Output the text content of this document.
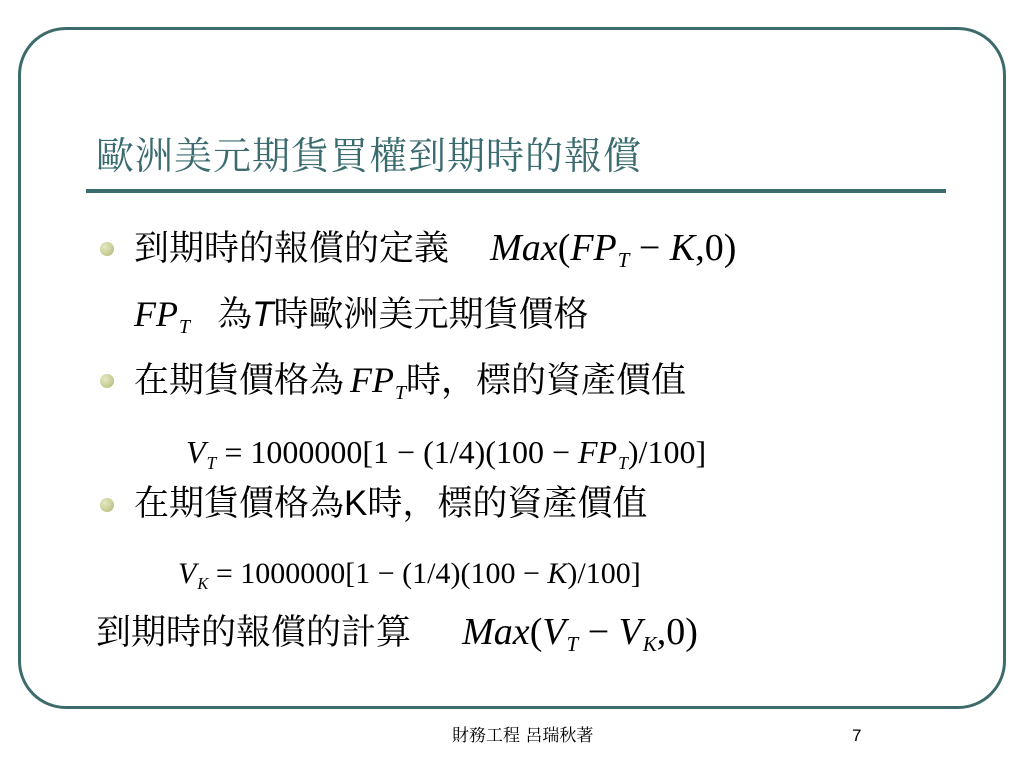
歐洲美元期貨買權到期時的報償
到期時的報償的定義 Max(FPT − K,0)
FPT 為T時歐洲美元期貨價格
在期貨價格為 FPT時，標的資產價值
VT = 1000000[1 − (1/4)(100 − FPT)/100]
在期貨價格為K時，標的資產價值
VK = 1000000[1 − (1/4)(100 − K)/100]
到期時的報償的計算 Max(VT − VK,0)
財務工程 呂瑞秋著	7
